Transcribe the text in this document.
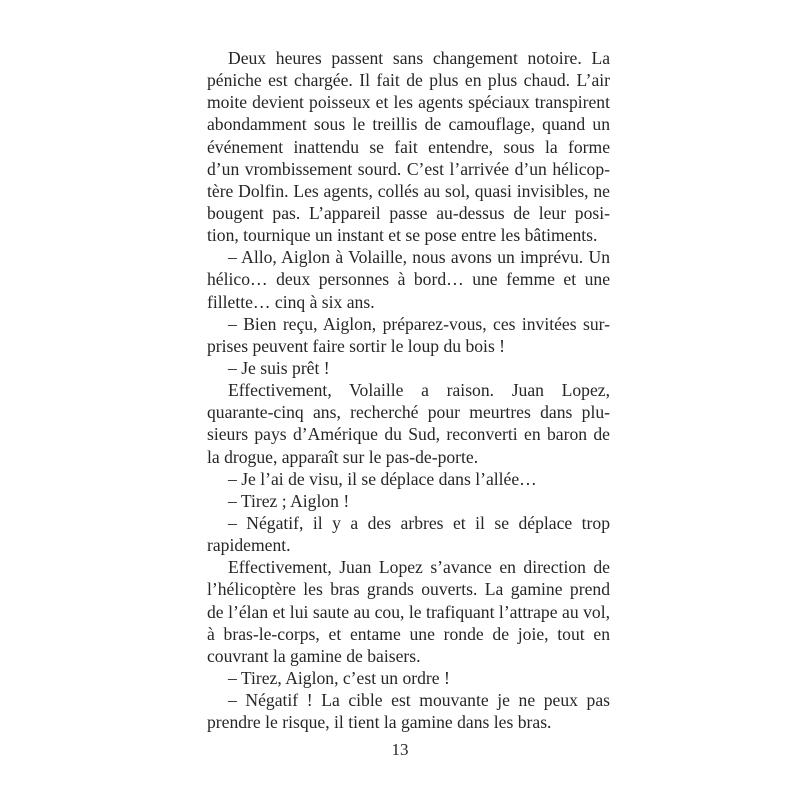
Deux heures passent sans changement notoire. La
péniche est chargée. Il fait de plus en plus chaud. L’air
moite devient poisseux et les agents spéciaux transpirent
abondamment sous le treillis de camouflage, quand un
événement inattendu se fait entendre, sous la forme
d’un vrombissement sourd. C’est l’arrivée d’un hélicop-
tère Dolfin. Les agents, collés au sol, quasi invisibles, ne
bougent pas. L’appareil passe au-dessus de leur posi-
tion, tournique un instant et se pose entre les bâtiments.
– Allo, Aiglon à Volaille, nous avons un imprévu. Un
hélico… deux personnes à bord… une femme et une
fillette… cinq à six ans.
– Bien reçu, Aiglon, préparez-vous, ces invitées sur-
prises peuvent faire sortir le loup du bois !
– Je suis prêt !
Effectivement, Volaille a raison. Juan Lopez,
quarante-cinq ans, recherché pour meurtres dans plu-
sieurs pays d’Amérique du Sud, reconverti en baron de
la drogue, apparaît sur le pas-de-porte.
– Je l’ai de visu, il se déplace dans l’allée…
– Tirez ; Aiglon !
– Négatif, il y a des arbres et il se déplace trop
rapidement.
Effectivement, Juan Lopez s’avance en direction de
l’hélicoptère les bras grands ouverts. La gamine prend
de l’élan et lui saute au cou, le trafiquant l’attrape au vol,
à bras-le-corps, et entame une ronde de joie, tout en
couvrant la gamine de baisers.
– Tirez, Aiglon, c’est un ordre !
– Négatif ! La cible est mouvante je ne peux pas
prendre le risque, il tient la gamine dans les bras.
13
